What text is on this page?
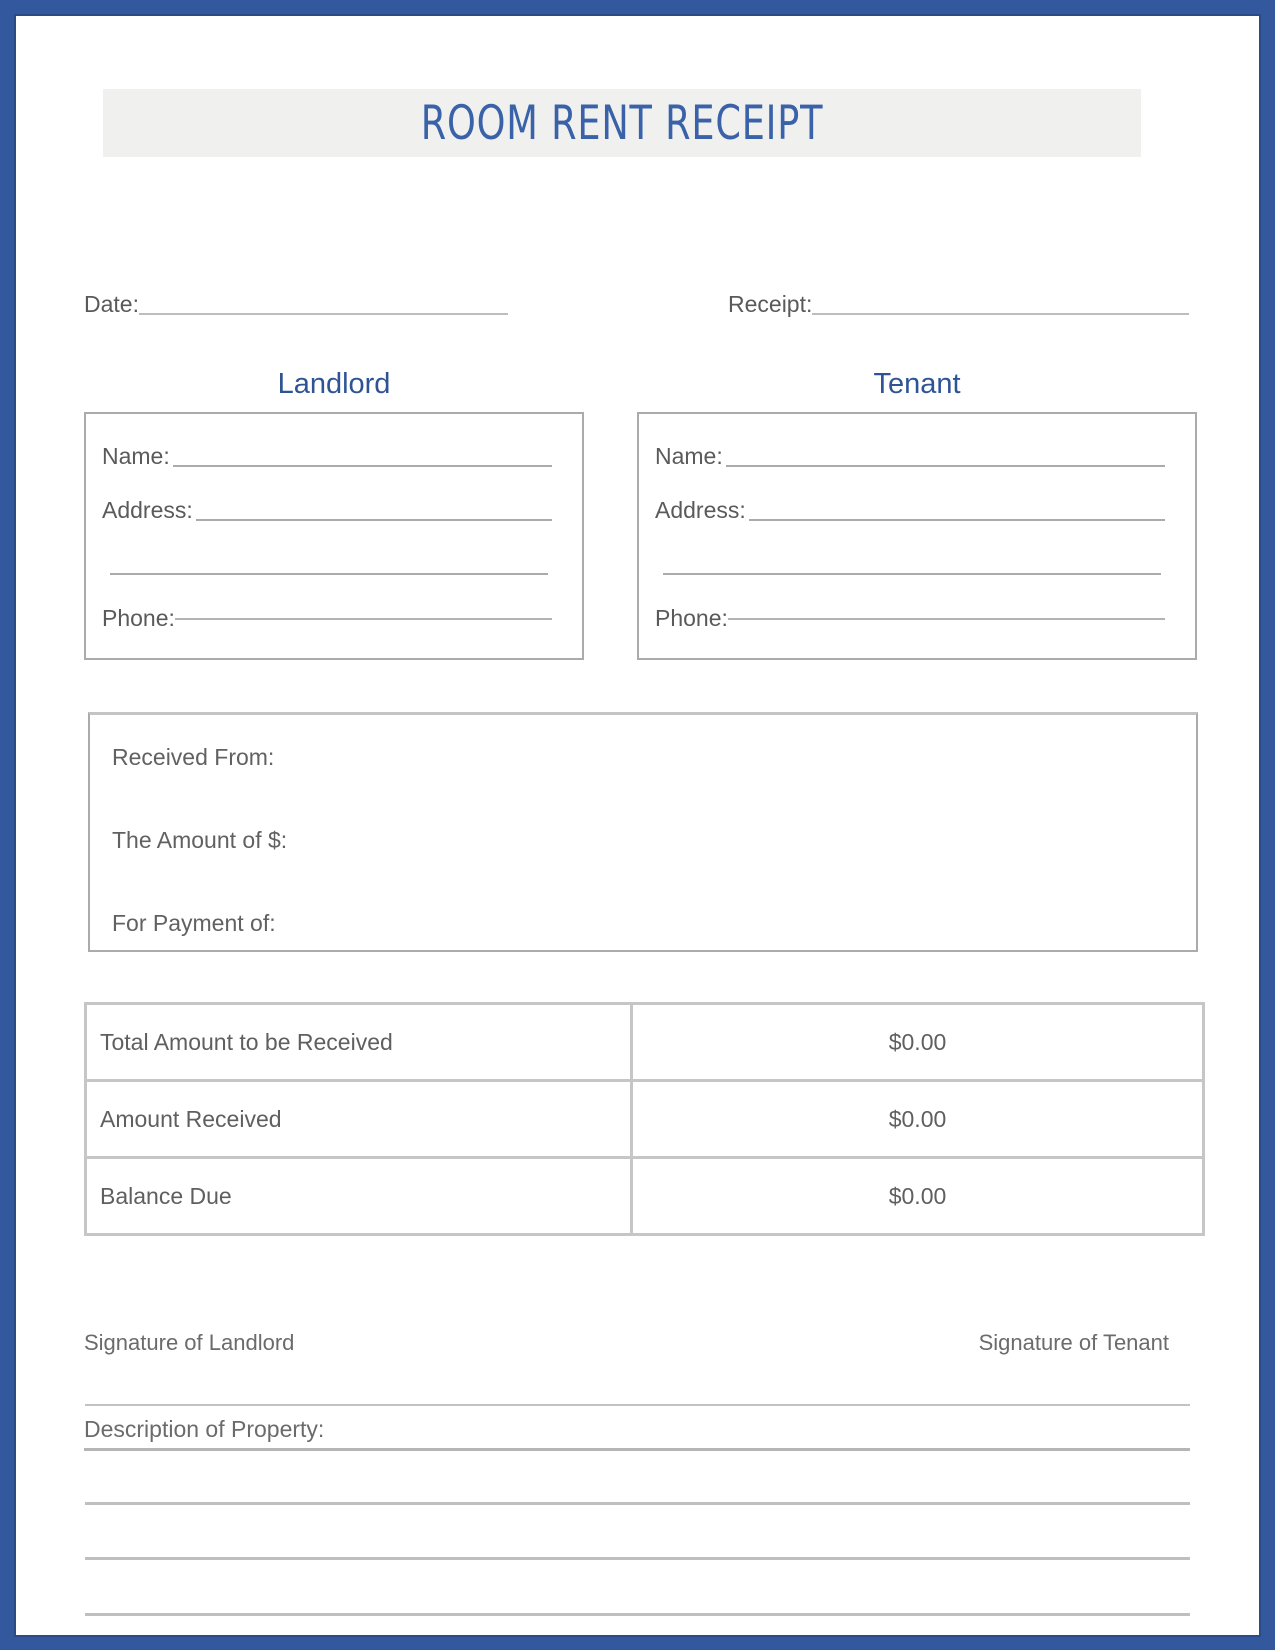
ROOM RENT RECEIPT
Date:	Receipt:
Landlord	Tenant
Name:
Address:
Phone:
Name:
Address:
Phone:
Received From:
The Amount of $:
For Payment of:
Total Amount to be Received	$0.00
Amount Received	$0.00
Balance Due	$0.00
Signature of Landlord	Signature of Tenant
Description of Property:
